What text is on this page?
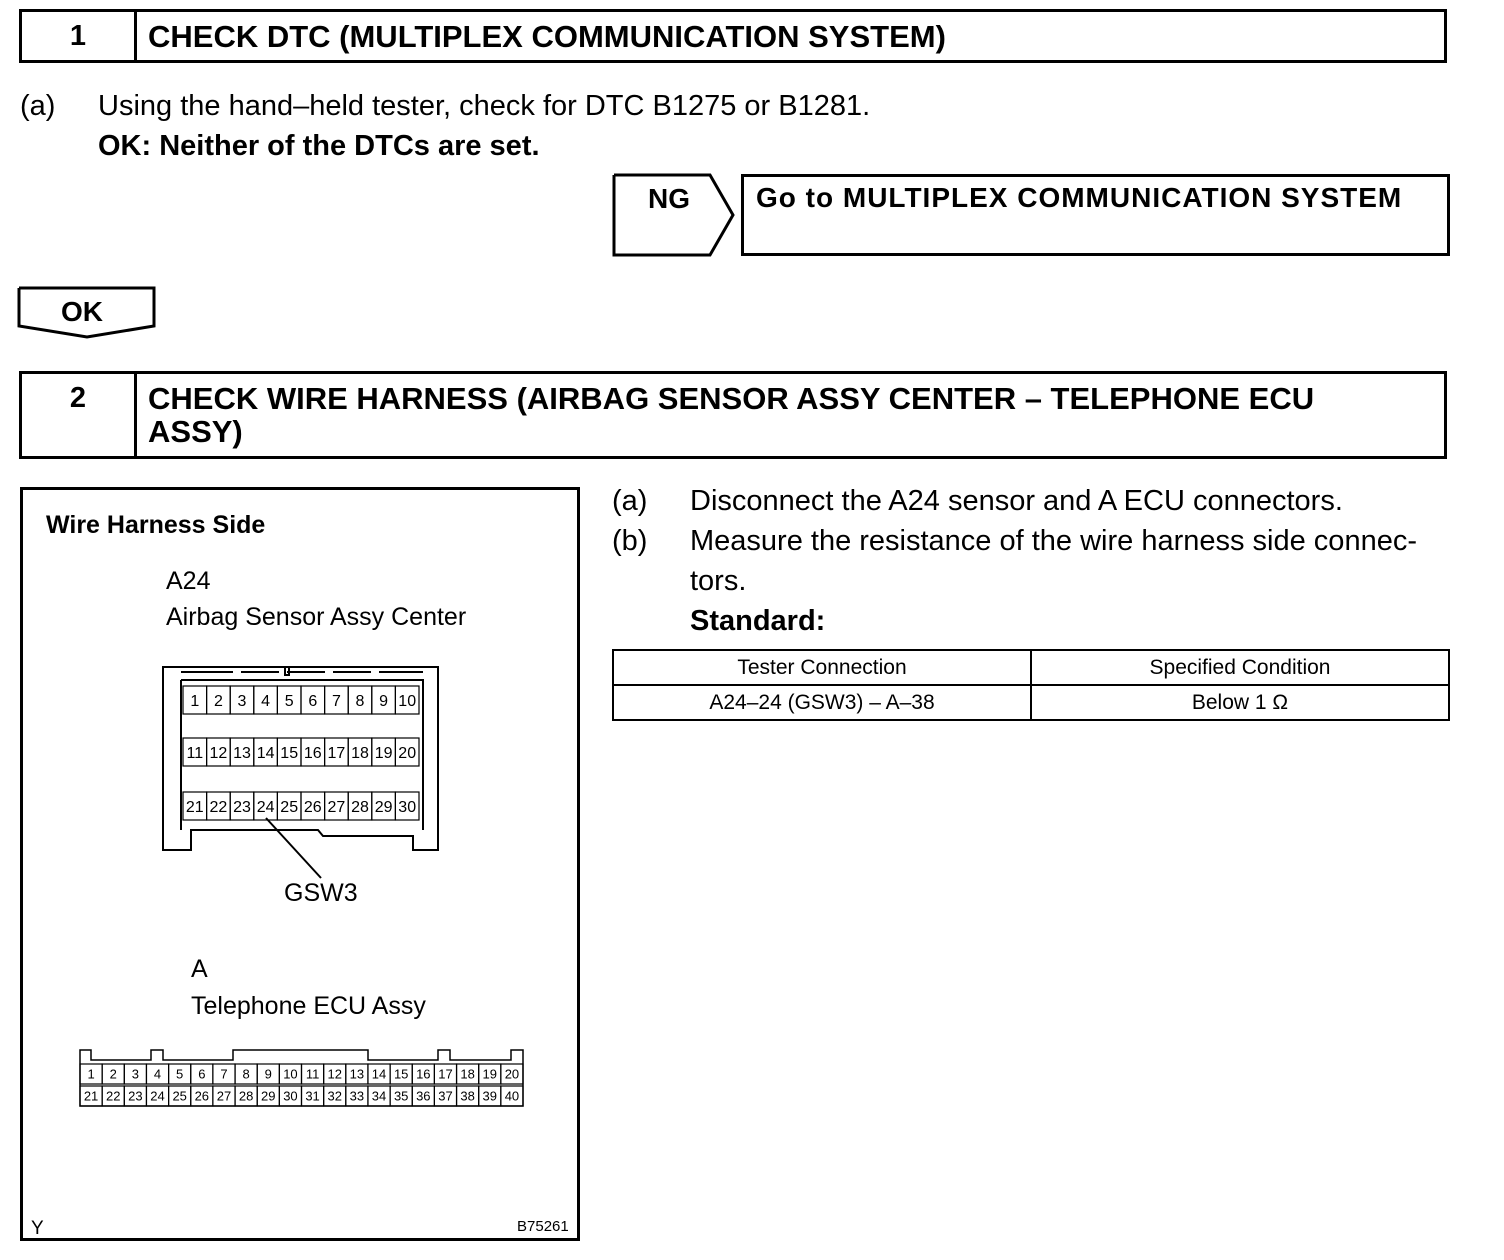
1	CHECK DTC (MULTIPLEX COMMUNICATION SYSTEM)
(a) Using the hand–held tester, check for DTC B1275 or B1281.
OK: Neither of the DTCs are set.
NG Go to MULTIPLEX COMMUNICATION SYSTEM
OK
2	CHECK WIRE HARNESS (AIRBAG SENSOR ASSY CENTER – TELEPHONE ECU
ASSY)
(a) Disconnect the A24 sensor and A ECU connectors.
(b) Measure the resistance of the wire harness side connec-
tors.
Standard:
Tester Connection	Specified Condition
A24–24 (GSW3) – A–38	Below 1 Ω
Wire Harness Side
A24
Airbag Sensor Assy Center
1 2 3 4 5 6 7 8 9 10
11 12 13 14 15 16 17 18 19 20
21 22 23 24 25 26 27 28 29 30
GSW3
A
Telephone ECU Assy
1 2 3 4 5 6 7 8 9 10 11 12 13 14 15 16 17 18 19 20
21 22 23 24 25 26 27 28 29 30 31 32 33 34 35 36 37 38 39 40
Y	B75261
